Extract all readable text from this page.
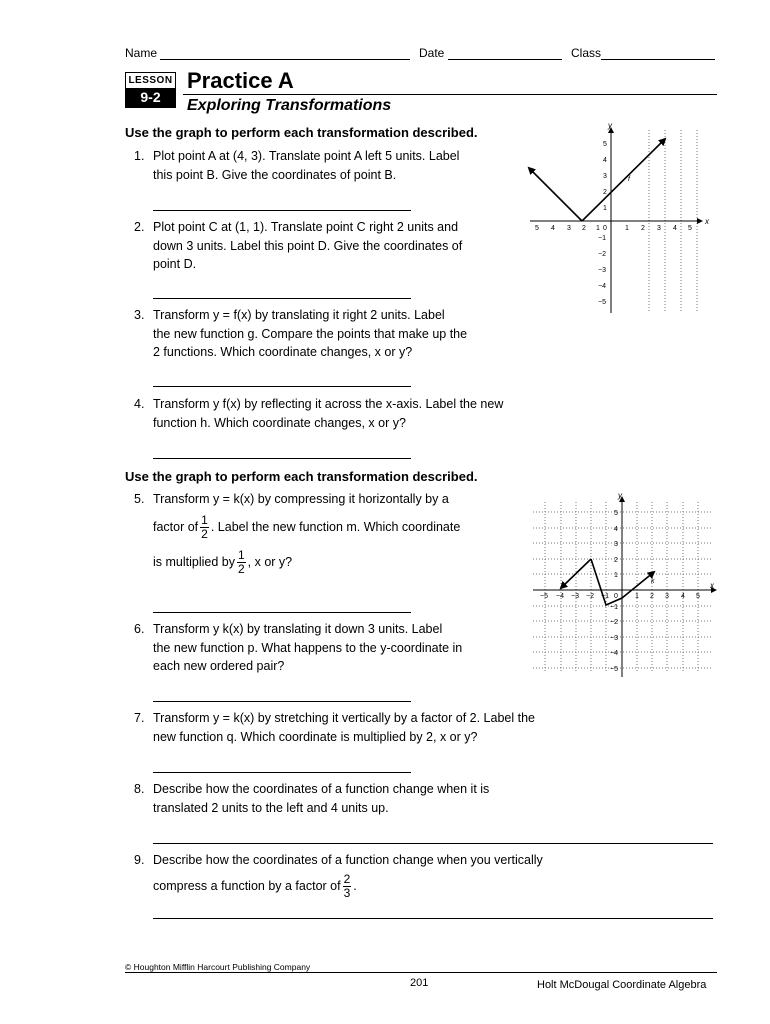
Name	Date	Class
LESSON
9-2
Practice A
Exploring Transformations
Use the graph to perform each transformation described.
1. Plot point A at (4, 3). Translate point A left 5 units. Label
this point B. Give the coordinates of point B.
2. Plot point C at (1, 1). Translate point C right 2 units and
down 3 units. Label this point D. Give the coordinates of
point D.
3. Transform y = f(x) by translating it right 2 units. Label
the new function g. Compare the points that make up the
2 functions. Which coordinate changes, x or y?
4. Transform y f(x) by reflecting it across the x-axis. Label the new
function h. Which coordinate changes, x or y?
x
y
5 4 3 2 1 0	1 2 3 4 5
5
4
3
2
1
−1
−2
−3
−4
−5
f
Use the graph to perform each transformation described.
5. Transform y = k(x) by compressing it horizontally by a
factor of $\frac{1}{2}$ . Label the new function m. Which coordinate
is multiplied by $\frac{1}{2}$ , x or y?
6. Transform y k(x) by translating it down 3 units. Label
the new function p. What happens to the y-coordinate in
each new ordered pair?
x
y
−5 −4 −3 −2 −1 0 1 2 3 4 5
5
4
3
2
1
−1
−2
−3
−4
−5
k
7. Transform y = k(x) by stretching it vertically by a factor of 2. Label the
new function q. Which coordinate is multiplied by 2, x or y?
8. Describe how the coordinates of a function change when it is
translated 2 units to the left and 4 units up.
9. Describe how the coordinates of a function change when you vertically
compress a function by a factor of $\frac{2}{3}$ .
© Houghton Mifflin Harcourt Publishing Company
201	Holt McDougal Coordinate Algebra
